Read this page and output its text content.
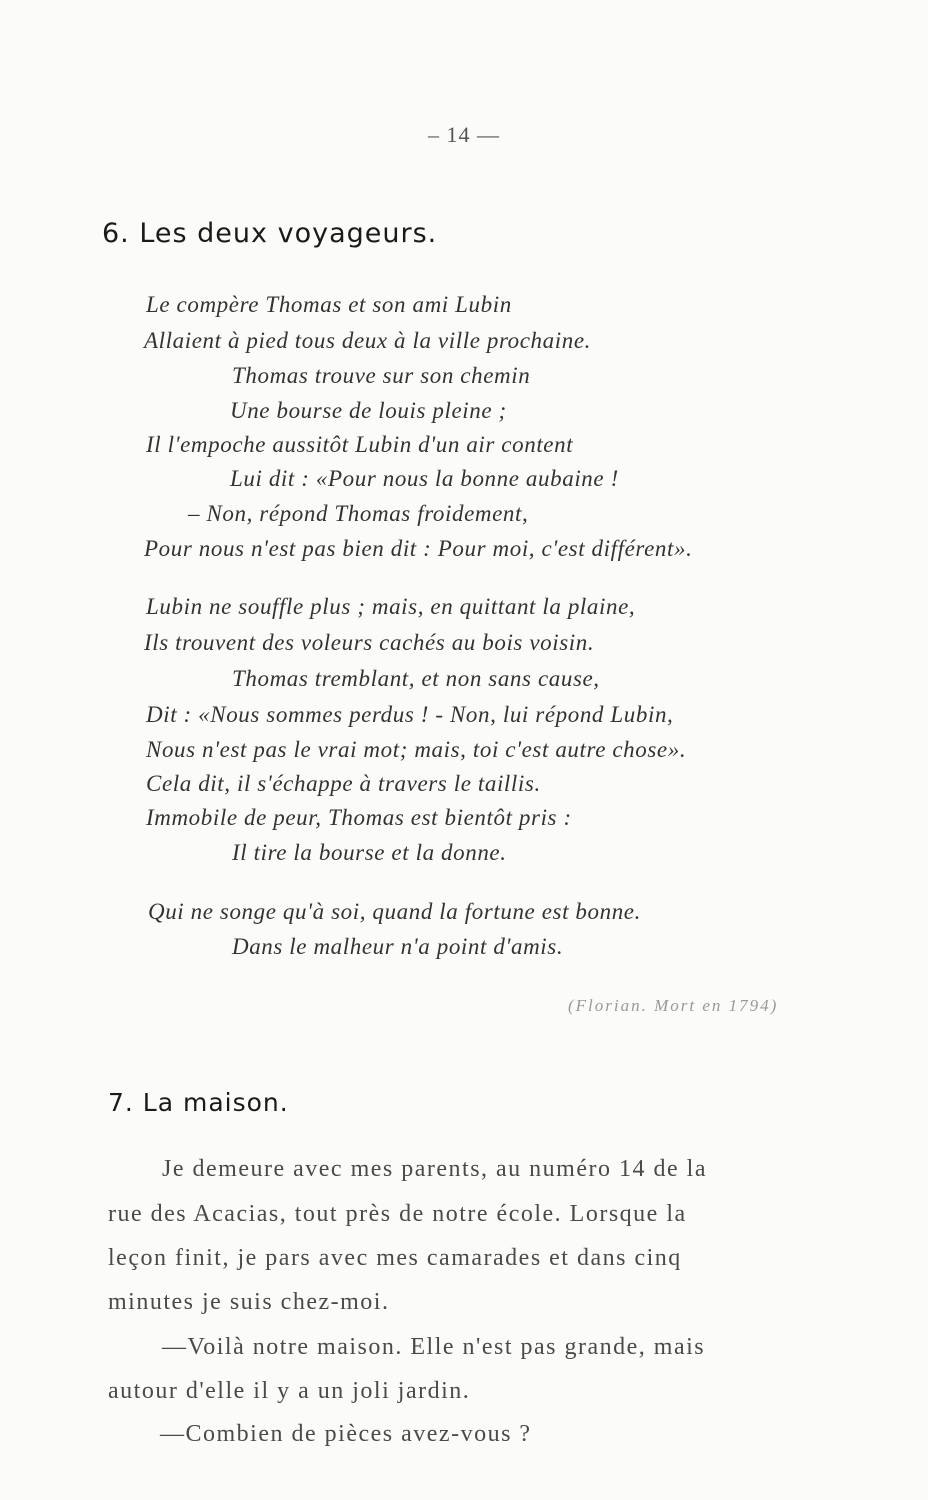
– 14 —
6. Les deux voyageurs.
Le compère Thomas et son ami Lubin
Allaient à pied tous deux à la ville prochaine.
Thomas trouve sur son chemin
Une bourse de louis pleine ;
Il l'empoche aussitôt Lubin d'un air content
Lui dit : «Pour nous la bonne aubaine !
– Non, répond Thomas froidement,
Pour nous n'est pas bien dit : Pour moi, c'est différent».
Lubin ne souffle plus ; mais, en quittant la plaine,
Ils trouvent des voleurs cachés au bois voisin.
Thomas tremblant, et non sans cause,
Dit : «Nous sommes perdus ! - Non, lui répond Lubin,
Nous n'est pas le vrai mot; mais, toi c'est autre chose».
Cela dit, il s'échappe à travers le taillis.
Immobile de peur, Thomas est bientôt pris :
Il tire la bourse et la donne.
Qui ne songe qu'à soi, quand la fortune est bonne.
Dans le malheur n'a point d'amis.
(Florian. Mort en 1794)
7. La maison.
Je demeure avec mes parents, au numéro 14 de la
rue des Acacias, tout près de notre école. Lorsque la
leçon finit, je pars avec mes camarades et dans cinq
minutes je suis chez-moi.
—Voilà notre maison. Elle n'est pas grande, mais
autour d'elle il y a un joli jardin.
—Combien de pièces avez-vous ?
